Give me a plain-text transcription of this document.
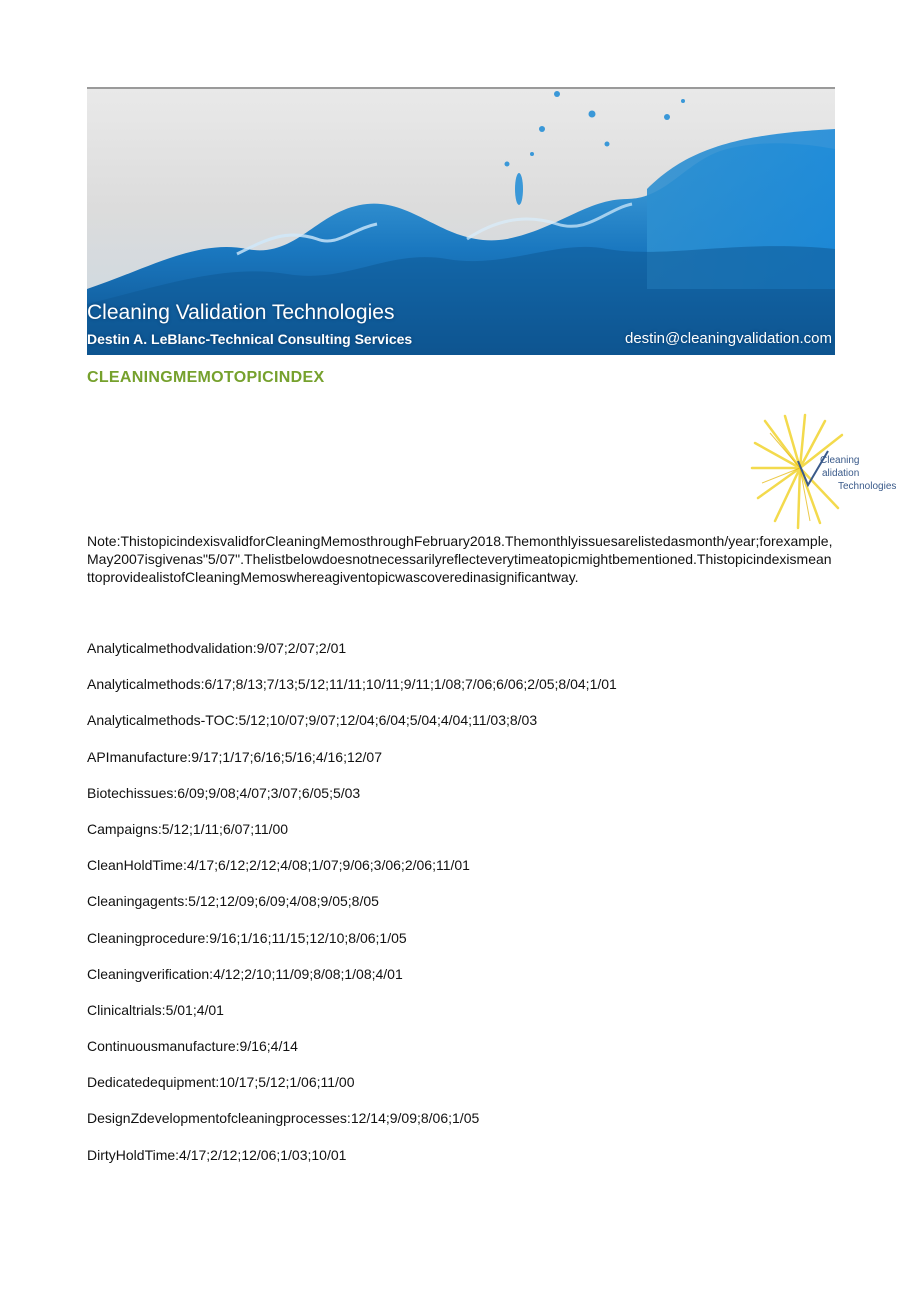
Cleaning Validation Technologies
Destin A. LeBlanc-Technical Consulting Services	destin@cleaningvalidation.com
CLEANINGMEMOTOPICINDEX
Cleaning
alidation
Technologies
Note:ThistopicindexisvalidforCleaningMemosthroughFebruary2018.Themonthlyissuesarelistedasmonth/year;forexample,May2007isgivenas"5/07".Thelistbelowdoesnotnecessarilyreflecteverytimeatopicmightbementioned.ThistopicindexismeanttoprovidealistofCleaningMemoswhereagiventopicwascoveredinasignificantway.
Analyticalmethodvalidation:9/07;2/07;2/01
Analyticalmethods:6/17;8/13;7/13;5/12;11/11;10/11;9/11;1/08;7/06;6/06;2/05;8/04;1/01
Analyticalmethods-TOC:5/12;10/07;9/07;12/04;6/04;5/04;4/04;11/03;8/03
APImanufacture:9/17;1/17;6/16;5/16;4/16;12/07
Biotechissues:6/09;9/08;4/07;3/07;6/05;5/03
Campaigns:5/12;1/11;6/07;11/00
CleanHoldTime:4/17;6/12;2/12;4/08;1/07;9/06;3/06;2/06;11/01
Cleaningagents:5/12;12/09;6/09;4/08;9/05;8/05
Cleaningprocedure:9/16;1/16;11/15;12/10;8/06;1/05
Cleaningverification:4/12;2/10;11/09;8/08;1/08;4/01
Clinicaltrials:5/01;4/01
Continuousmanufacture:9/16;4/14
Dedicatedequipment:10/17;5/12;1/06;11/00
DesignZdevelopmentofcleaningprocesses:12/14;9/09;8/06;1/05
DirtyHoldTime:4/17;2/12;12/06;1/03;10/01
